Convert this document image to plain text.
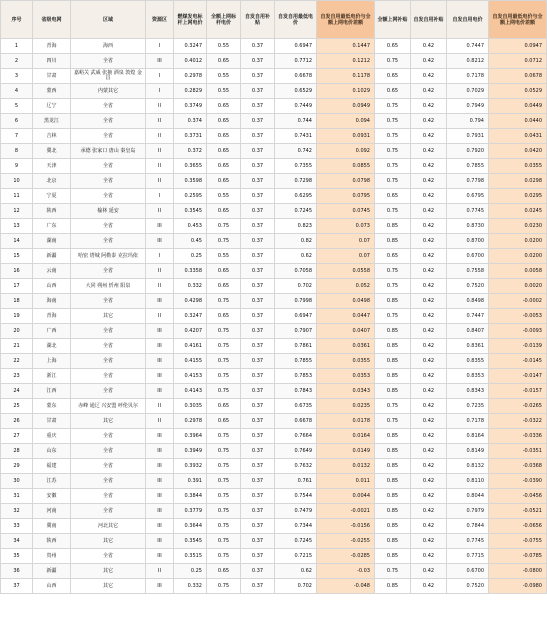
序号	省级电网	区域	资源区	燃煤发电标杆上网电价	全额上网标杆电价	自发自用补贴	自发自用最低电价	自发自用最低电价与全额上网电价差额	全额上网补贴	自发自用补贴	自发自用电价	自发自用最低电价与全额上网电价差额
1	青海	海西	I	0.3247	0.55	0.37	0.6947	0.1447	0.65	0.42	0.7447	0.0947
2	四川	全省	III	0.4012	0.65	0.37	0.7712	0.1212	0.75	0.42	0.8212	0.0712
3	甘肃	嘉峪关 武威 张掖 酒泉 敦煌 金昌	I	0.2978	0.55	0.37	0.6678	0.1178	0.65	0.42	0.7178	0.0678
4	蒙西	内蒙其它	I	0.2829	0.55	0.37	0.6529	0.1029	0.65	0.42	0.7029	0.0529
5	辽宁	全省	II	0.3749	0.65	0.37	0.7449	0.0949	0.75	0.42	0.7949	0.0449
6	黑龙江	全省	II	0.374	0.65	0.37	0.744	0.094	0.75	0.42	0.794	0.0440
7	吉林	全省	II	0.3731	0.65	0.37	0.7431	0.0931	0.75	0.42	0.7931	0.0431
8	冀北	承德 张家口 唐山 秦皇岛	II	0.372	0.65	0.37	0.742	0.092	0.75	0.42	0.7920	0.0420
9	天津	全省	II	0.3655	0.65	0.37	0.7355	0.0855	0.75	0.42	0.7855	0.0355
10	北京	全省	II	0.3598	0.65	0.37	0.7298	0.0798	0.75	0.42	0.7798	0.0298
11	宁夏	全省	I	0.2595	0.55	0.37	0.6295	0.0795	0.65	0.42	0.6795	0.0295
12	陕西	榆林 延安	II	0.3545	0.65	0.37	0.7245	0.0745	0.75	0.42	0.7745	0.0245
13	广东	全省	III	0.453	0.75	0.37	0.823	0.073	0.85	0.42	0.8730	0.0230
14	湖南	全省	III	0.45	0.75	0.37	0.82	0.07	0.85	0.42	0.8700	0.0200
15	新疆	哈密 塔城 阿勒泰 克拉玛依	I	0.25	0.55	0.37	0.62	0.07	0.65	0.42	0.6700	0.0200
16	云南	全省	II	0.3358	0.65	0.37	0.7058	0.0558	0.75	0.42	0.7558	0.0058
17	山西	大同 朔州 忻州 阳泉	II	0.332	0.65	0.37	0.702	0.052	0.75	0.42	0.7520	0.0020
18	海南	全省	III	0.4298	0.75	0.37	0.7998	0.0498	0.85	0.42	0.8498	-0.0002
19	青海	其它	II	0.3247	0.65	0.37	0.6947	0.0447	0.75	0.42	0.7447	-0.0053
20	广西	全省	III	0.4207	0.75	0.37	0.7907	0.0407	0.85	0.42	0.8407	-0.0093
21	湖北	全省	III	0.4161	0.75	0.37	0.7861	0.0361	0.85	0.42	0.8361	-0.0139
22	上海	全省	III	0.4155	0.75	0.37	0.7855	0.0355	0.85	0.42	0.8355	-0.0145
23	浙江	全省	III	0.4153	0.75	0.37	0.7853	0.0353	0.85	0.42	0.8353	-0.0147
24	江西	全省	III	0.4143	0.75	0.37	0.7843	0.0343	0.85	0.42	0.8343	-0.0157
25	蒙东	赤峰 通辽 兴安盟 呼伦贝尔	II	0.3035	0.65	0.37	0.6735	0.0235	0.75	0.42	0.7235	-0.0265
26	甘肃	其它	II	0.2978	0.65	0.37	0.6678	0.0178	0.75	0.42	0.7178	-0.0322
27	重庆	全省	III	0.3964	0.75	0.37	0.7664	0.0164	0.85	0.42	0.8164	-0.0336
28	山东	全省	III	0.3949	0.75	0.37	0.7649	0.0149	0.85	0.42	0.8149	-0.0351
29	福建	全省	III	0.3932	0.75	0.37	0.7632	0.0132	0.85	0.42	0.8132	-0.0368
30	江苏	全省	III	0.391	0.75	0.37	0.761	0.011	0.85	0.42	0.8110	-0.0390
31	安徽	全省	III	0.3844	0.75	0.37	0.7544	0.0044	0.85	0.42	0.8044	-0.0456
32	河南	全省	III	0.3779	0.75	0.37	0.7479	-0.0021	0.85	0.42	0.7979	-0.0521
33	冀南	河北其它	III	0.3644	0.75	0.37	0.7344	-0.0156	0.85	0.42	0.7844	-0.0656
34	陕西	其它	III	0.3545	0.75	0.37	0.7245	-0.0255	0.85	0.42	0.7745	-0.0755
35	贵州	全省	III	0.3515	0.75	0.37	0.7215	-0.0285	0.85	0.42	0.7715	-0.0785
36	新疆	其它	II	0.25	0.65	0.37	0.62	-0.03	0.75	0.42	0.6700	-0.0800
37	山西	其它	III	0.332	0.75	0.37	0.702	-0.048	0.85	0.42	0.7520	-0.0980
